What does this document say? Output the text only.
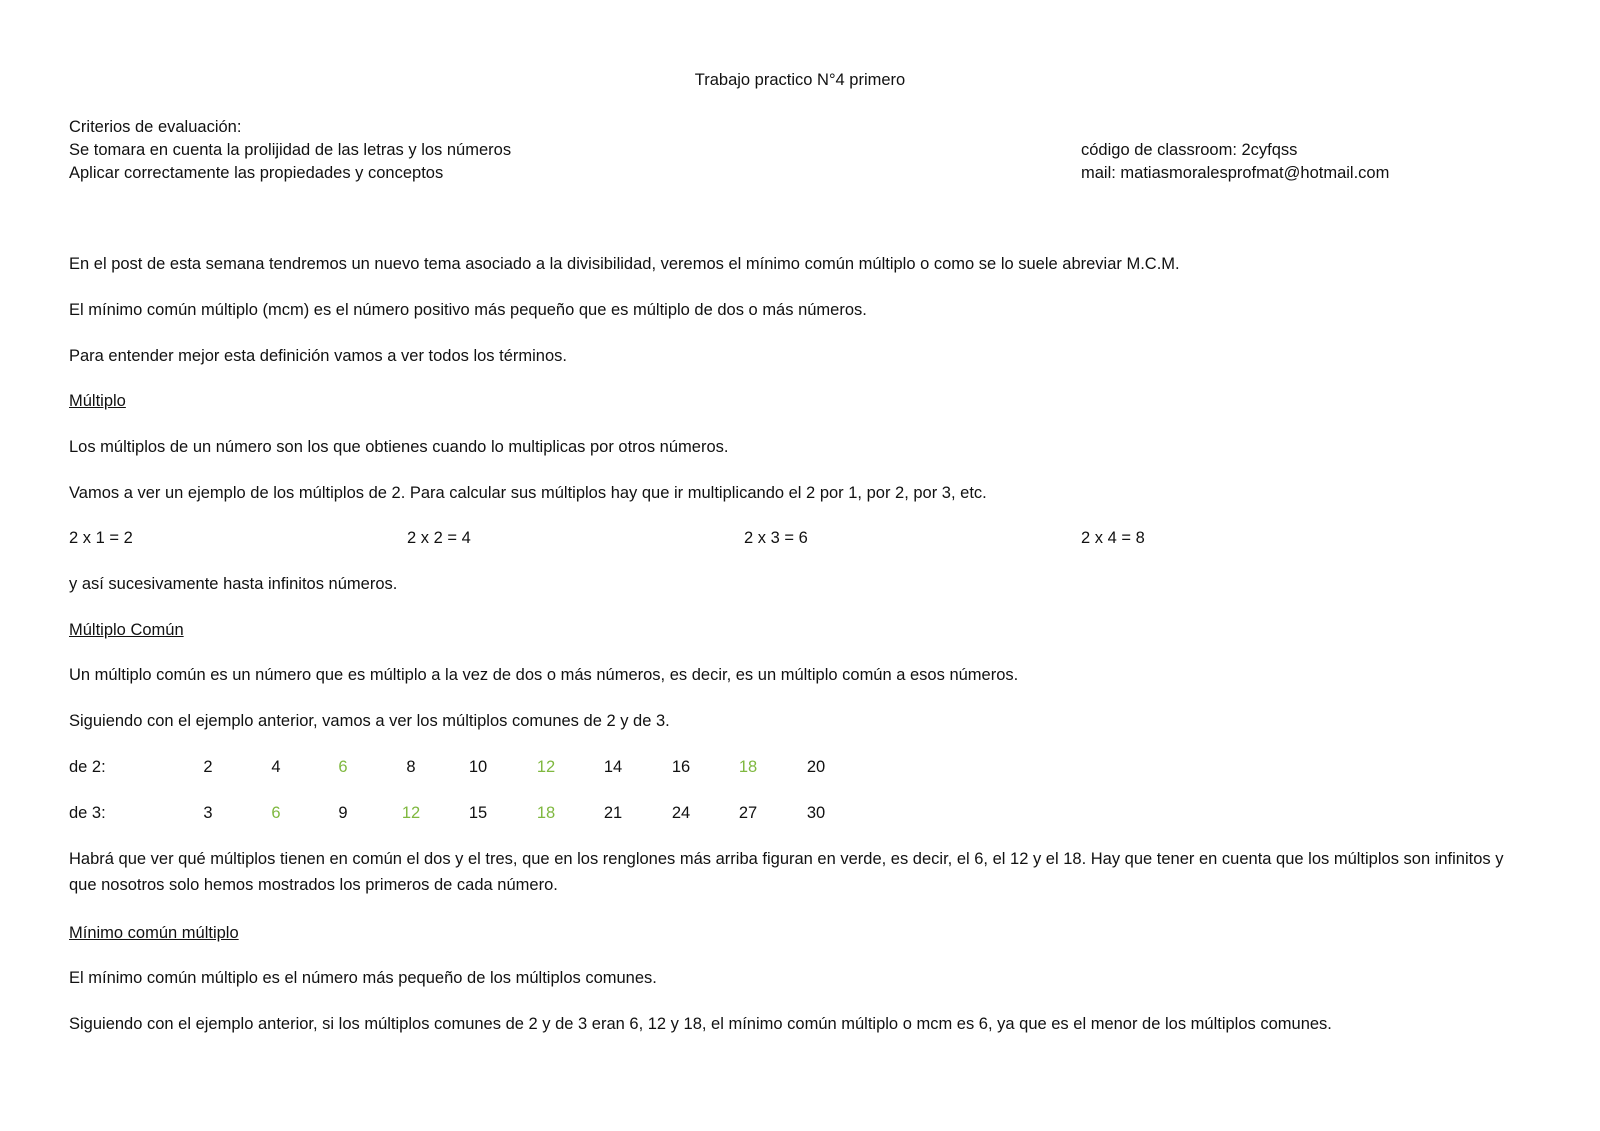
Trabajo practico N°4 primero
Criterios de evaluación:
Se tomara en cuenta la prolijidad de las letras y los números
Aplicar correctamente las propiedades y conceptos
código de classroom: 2cyfqss
mail: matiasmoralesprofmat@hotmail.com
En el post de esta semana tendremos un nuevo tema asociado a la divisibilidad, veremos el mínimo común múltiplo o como se lo suele abreviar M.C.M.
El mínimo común múltiplo (mcm) es el número positivo más pequeño que es múltiplo de dos o más números.
Para entender mejor esta definición vamos a ver todos los términos.
Múltiplo
Los múltiplos de un número son los que obtienes cuando lo multiplicas por otros números.
Vamos a ver un ejemplo de los múltiplos de 2. Para calcular sus múltiplos hay que ir multiplicando el 2 por 1, por 2, por 3, etc.
2 x 1 = 2	2 x 2 = 4	2 x 3 = 6	2 x 4 = 8
y así sucesivamente hasta infinitos números.
Múltiplo Común
Un múltiplo común es un número que es múltiplo a la vez de dos o más números, es decir, es un múltiplo común a esos números.
Siguiendo con el ejemplo anterior, vamos a ver los múltiplos comunes de 2 y de 3.
de 2:	2	4	6	8	10	12	14	16	18	20
de 3:	3	6	9	12	15	18	21	24	27	30
Habrá que ver qué múltiplos tienen en común el dos y el tres, que en los renglones más arriba figuran en verde, es decir, el 6, el 12 y el 18. Hay que tener en cuenta que los múltiplos son infinitos y que nosotros solo hemos mostrados los primeros de cada número.
Mínimo común múltiplo
El mínimo común múltiplo es el número más pequeño de los múltiplos comunes.
Siguiendo con el ejemplo anterior, si los múltiplos comunes de 2 y de 3 eran 6, 12 y 18, el mínimo común múltiplo o mcm es 6, ya que es el menor de los múltiplos comunes.
